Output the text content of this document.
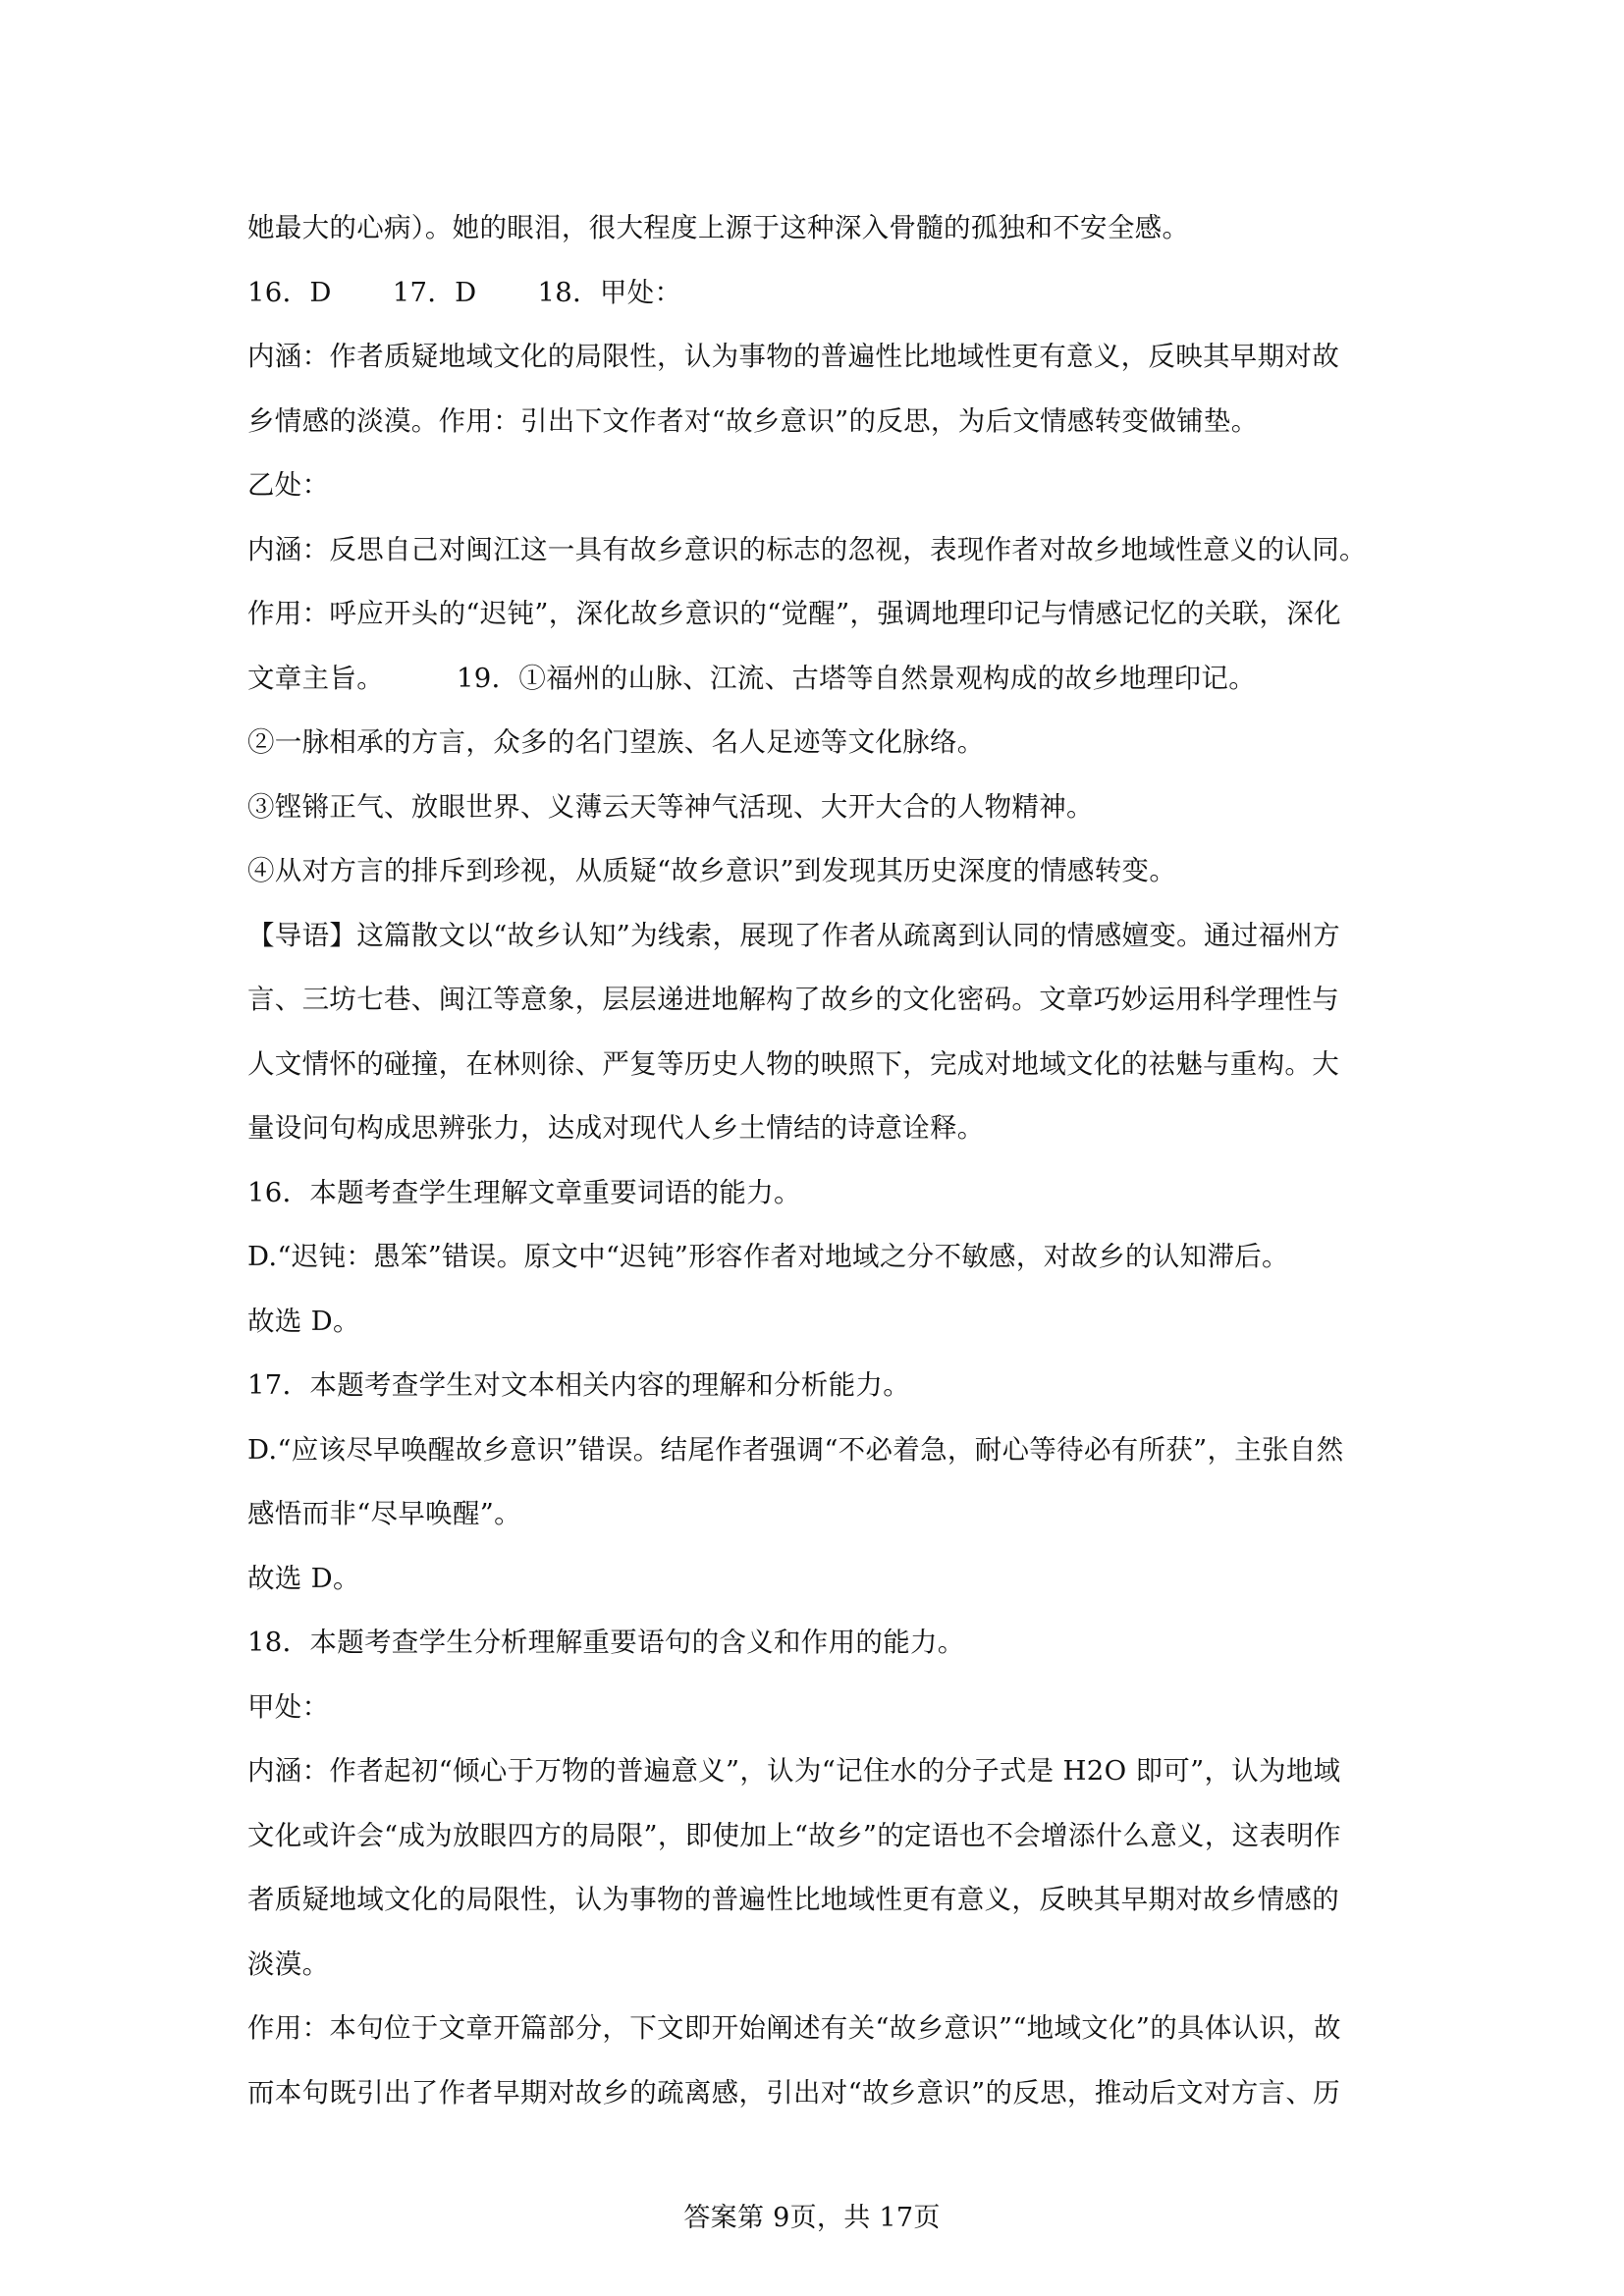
她最大的心病）。她的眼泪，很大程度上源于这种深入骨髓的孤独和不安全感。
16．D 17．D 18．甲处：
内涵：作者质疑地域文化的局限性，认为事物的普遍性比地域性更有意义，反映其早期对故
乡情感的淡漠。作用：引出下文作者对“故乡意识”的反思，为后文情感转变做铺垫。
乙处：
内涵：反思自己对闽江这一具有故乡意识的标志的忽视，表现作者对故乡地域性意义的认同。
作用：呼应开头的“迟钝”，深化故乡意识的“觉醒”，强调地理印记与情感记忆的关联，深化
文章主旨。	19．①福州的山脉、江流、古塔等自然景观构成的故乡地理印记。
②一脉相承的方言，众多的名门望族、名人足迹等文化脉络。
③铿锵正气、放眼世界、义薄云天等神气活现、大开大合的人物精神。
④从对方言的排斥到珍视，从质疑“故乡意识”到发现其历史深度的情感转变。
【导语】这篇散文以“故乡认知”为线索，展现了作者从疏离到认同的情感嬗变。通过福州方
言、三坊七巷、闽江等意象，层层递进地解构了故乡的文化密码。文章巧妙运用科学理性与
人文情怀的碰撞，在林则徐、严复等历史人物的映照下，完成对地域文化的祛魅与重构。大
量设问句构成思辨张力，达成对现代人乡土情结的诗意诠释。
16．本题考查学生理解文章重要词语的能力。
D.“迟钝：愚笨”错误。原文中“迟钝”形容作者对地域之分不敏感，对故乡的认知滞后。
故选 D。
17．本题考查学生对文本相关内容的理解和分析能力。
D.“应该尽早唤醒故乡意识”错误。结尾作者强调“不必着急，耐心等待必有所获”，主张自然
感悟而非“尽早唤醒”。
故选 D。
18．本题考查学生分析理解重要语句的含义和作用的能力。
甲处：
内涵：作者起初“倾心于万物的普遍意义”，认为“记住水的分子式是 H2O 即可”，认为地域
文化或许会“成为放眼四方的局限”，即使加上“故乡”的定语也不会增添什么意义，这表明作
者质疑地域文化的局限性，认为事物的普遍性比地域性更有意义，反映其早期对故乡情感的
淡漠。
作用：本句位于文章开篇部分，下文即开始阐述有关“故乡意识”“地域文化”的具体认识，故
而本句既引出了作者早期对故乡的疏离感，引出对“故乡意识”的反思，推动后文对方言、历
答案第 9页，共 17页
